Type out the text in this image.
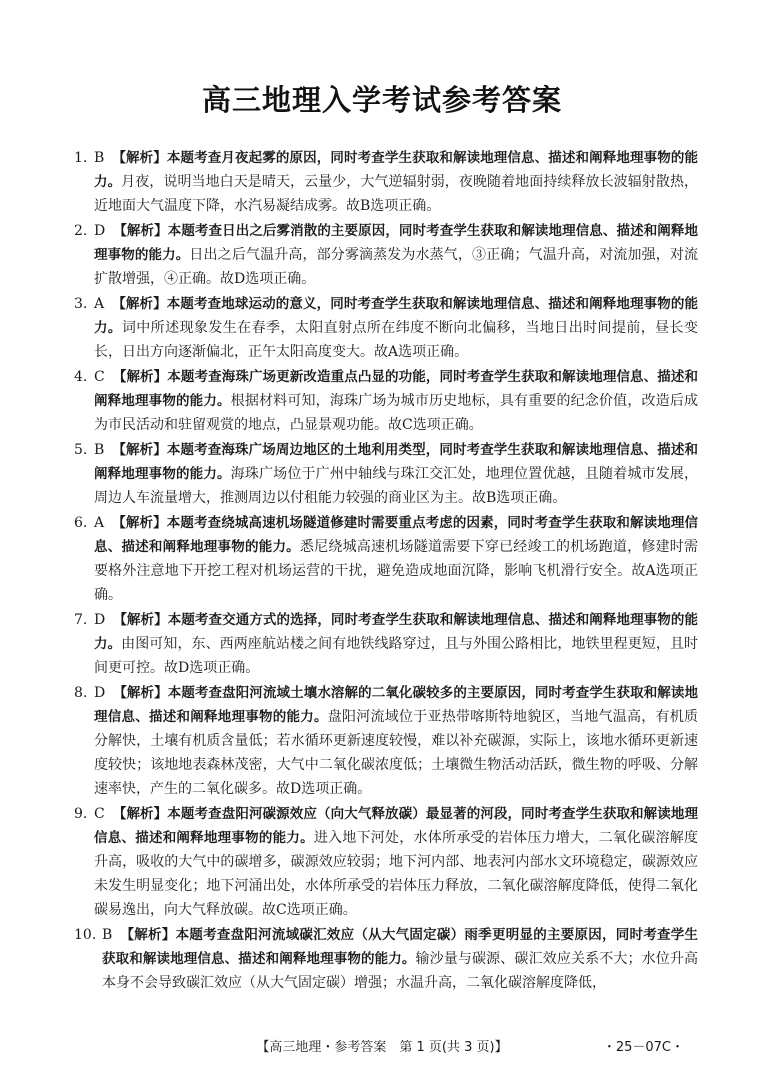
高三地理入学考试参考答案
1. B 【解析】本题考查月夜起雾的原因，同时考查学生获取和解读地理信息、描述和阐释地理事物的能力。月夜，说明当地白天是晴天，云量少，大气逆辐射弱，夜晚随着地面持续释放长波辐射散热，近地面大气温度下降，水汽易凝结成雾。故B选项正确。
2. D 【解析】本题考查日出之后雾消散的主要原因，同时考查学生获取和解读地理信息、描述和阐释地理事物的能力。日出之后气温升高，部分雾滴蒸发为水蒸气，③正确；气温升高，对流加强，对流扩散增强，④正确。故D选项正确。
3. A 【解析】本题考查地球运动的意义，同时考查学生获取和解读地理信息、描述和阐释地理事物的能力。词中所述现象发生在春季，太阳直射点所在纬度不断向北偏移，当地日出时间提前，昼长变长，日出方向逐渐偏北，正午太阳高度变大。故A选项正确。
4. C 【解析】本题考查海珠广场更新改造重点凸显的功能，同时考查学生获取和解读地理信息、描述和阐释地理事物的能力。根据材料可知，海珠广场为城市历史地标，具有重要的纪念价值，改造后成为市民活动和驻留观赏的地点，凸显景观功能。故C选项正确。
5. B 【解析】本题考查海珠广场周边地区的土地利用类型，同时考查学生获取和解读地理信息、描述和阐释地理事物的能力。海珠广场位于广州中轴线与珠江交汇处，地理位置优越，且随着城市发展，周边人车流量增大，推测周边以付租能力较强的商业区为主。故B选项正确。
6. A 【解析】本题考查绕城高速机场隧道修建时需要重点考虑的因素，同时考查学生获取和解读地理信息、描述和阐释地理事物的能力。悉尼绕城高速机场隧道需要下穿已经竣工的机场跑道，修建时需要格外注意地下开挖工程对机场运营的干扰，避免造成地面沉降，影响飞机滑行安全。故A选项正确。
7. D 【解析】本题考查交通方式的选择，同时考查学生获取和解读地理信息、描述和阐释地理事物的能力。由图可知，东、西两座航站楼之间有地铁线路穿过，且与外围公路相比，地铁里程更短，且时间更可控。故D选项正确。
8. D 【解析】本题考查盘阳河流域土壤水溶解的二氧化碳较多的主要原因，同时考查学生获取和解读地理信息、描述和阐释地理事物的能力。盘阳河流域位于亚热带喀斯特地貌区，当地气温高，有机质分解快，土壤有机质含量低；若水循环更新速度较慢，难以补充碳源，实际上，该地水循环更新速度较快；该地地表森林茂密，大气中二氧化碳浓度低；土壤微生物活动活跃，微生物的呼吸、分解速率快，产生的二氧化碳多。故D选项正确。
9. C 【解析】本题考查盘阳河碳源效应（向大气释放碳）最显著的河段，同时考查学生获取和解读地理信息、描述和阐释地理事物的能力。进入地下河处，水体所承受的岩体压力增大，二氧化碳溶解度升高，吸收的大气中的碳增多，碳源效应较弱；地下河内部、地表河内部水文环境稳定，碳源效应未发生明显变化；地下河涌出处，水体所承受的岩体压力释放，二氧化碳溶解度降低，使得二氧化碳易逸出，向大气释放碳。故C选项正确。
10. B 【解析】本题考查盘阳河流域碳汇效应（从大气固定碳）雨季更明显的主要原因，同时考查学生获取和解读地理信息、描述和阐释地理事物的能力。输沙量与碳源、碳汇效应关系不大；水位升高本身不会导致碳汇效应（从大气固定碳）增强；水温升高，二氧化碳溶解度降低，
【高三地理・参考答案　第 1 页(共 3 页)】	・25－07C・
